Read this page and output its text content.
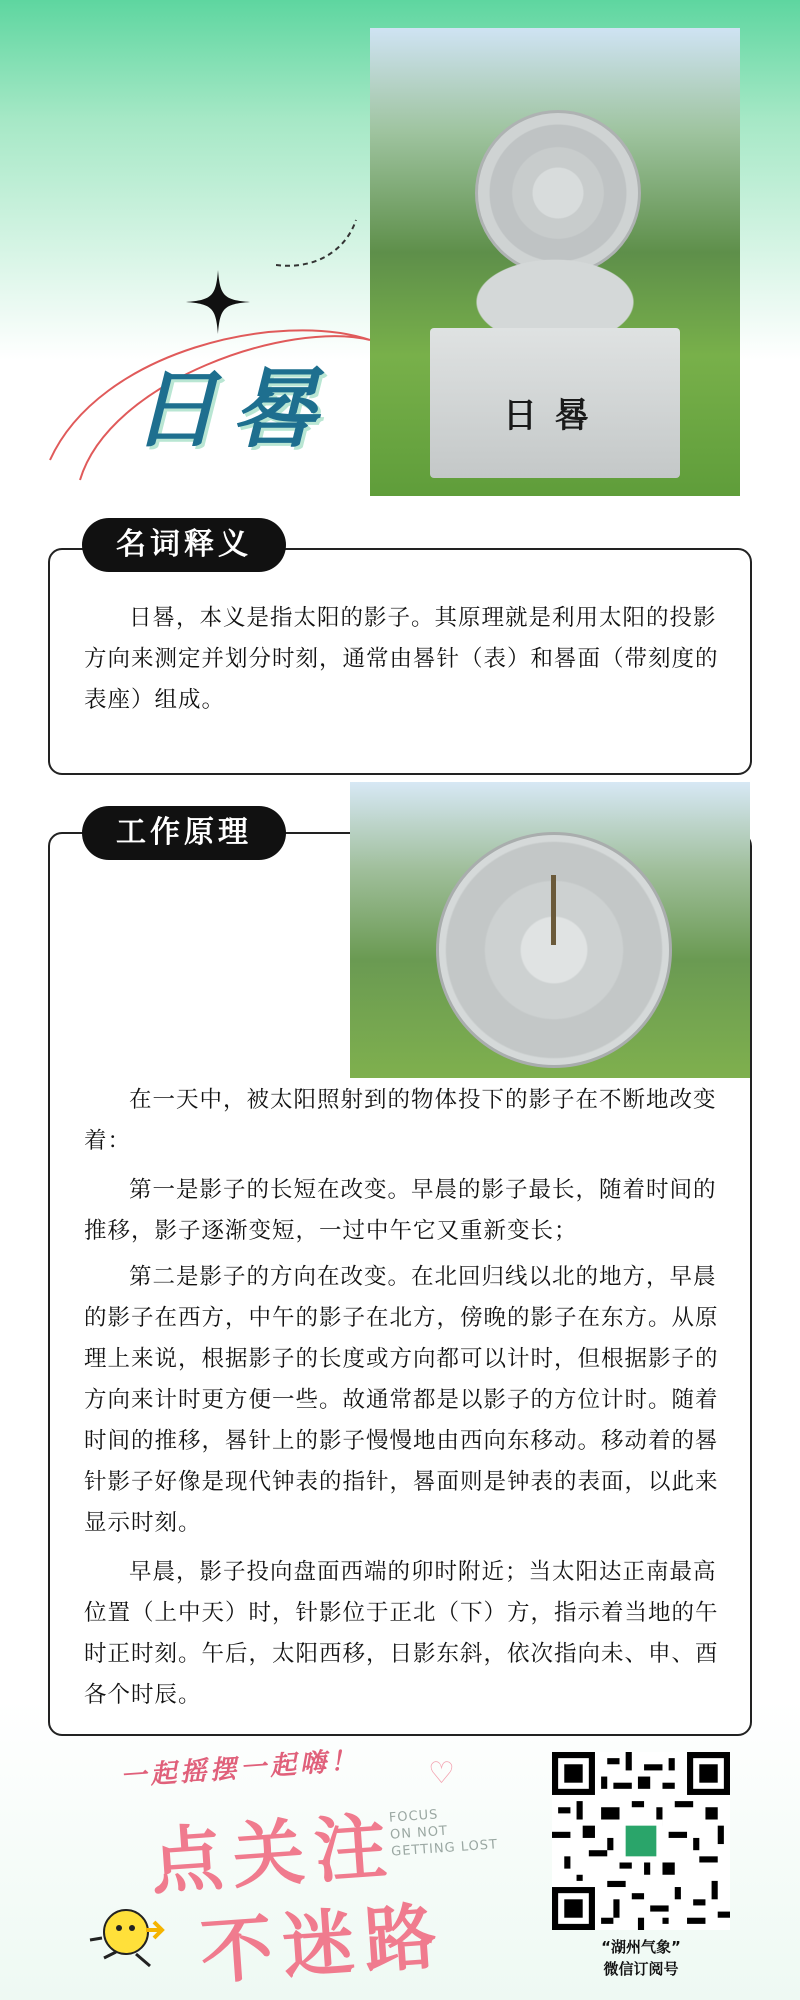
日晷
日晷
名词释义
日晷，本义是指太阳的影子。其原理就是利用太阳的投影方向来测定并划分时刻，通常由晷针（表）和晷面（带刻度的表座）组成。
工作原理
在一天中，被太阳照射到的物体投下的影子在不断地改变着：
第一是影子的长短在改变。早晨的影子最长，随着时间的推移，影子逐渐变短，一过中午它又重新变长；
第二是影子的方向在改变。在北回归线以北的地方，早晨的影子在西方，中午的影子在北方，傍晚的影子在东方。从原理上来说，根据影子的长度或方向都可以计时，但根据影子的方向来计时更方便一些。故通常都是以影子的方位计时。随着时间的推移，晷针上的影子慢慢地由西向东移动。移动着的晷针影子好像是现代钟表的指针，晷面则是钟表的表面，以此来显示时刻。
早晨，影子投向盘面西端的卯时附近；当太阳达正南最高位置（上中天）时，针影位于正北（下）方，指示着当地的午时正时刻。午后，太阳西移，日影东斜，依次指向未、申、酉各个时辰。
一起摇摆一起嗨！ ♡
点关注
不迷路
FOCUS
ON NOT
GETTING LOST
“湖州气象”
微信订阅号
